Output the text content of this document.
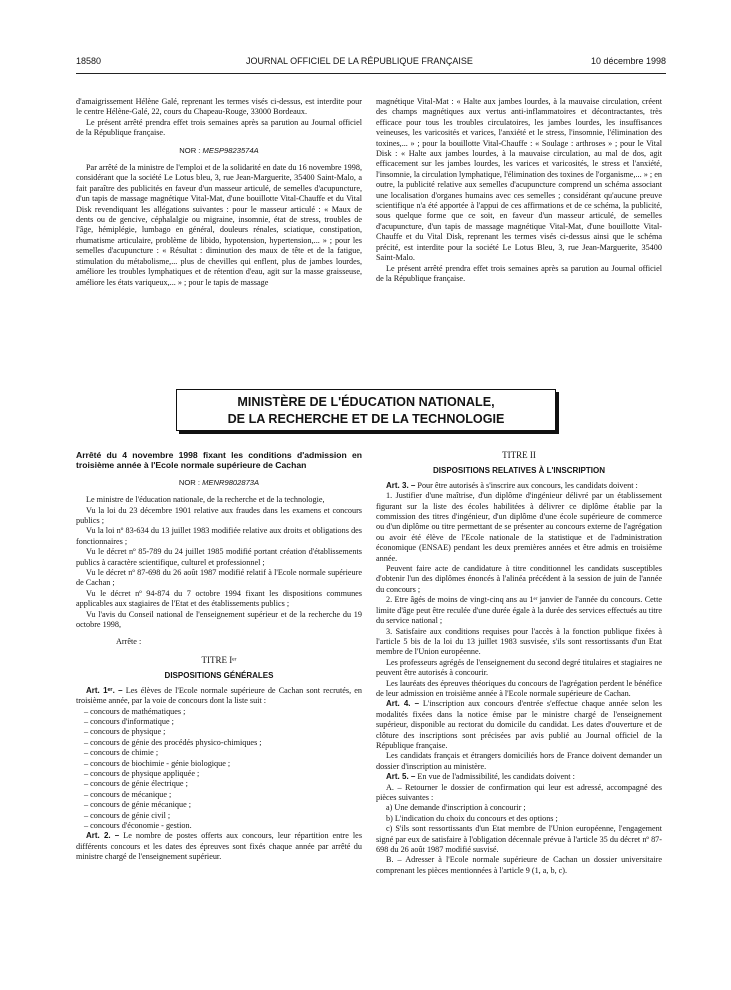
18580	JOURNAL OFFICIEL DE LA RÉPUBLIQUE FRANÇAISE	10 décembre 1998

d'amaigrissement Hélène Galé, reprenant les termes visés ci-dessus, est interdite pour le centre Hélène-Galé, 22, cours du Chapeau-Rouge, 33000 Bordeaux.

Le présent arrêté prendra effet trois semaines après sa parution au Journal officiel de la République française.

NOR : MESP9823574A

Par arrêté de la ministre de l'emploi et de la solidarité en date du 16 novembre 1998, considérant que la société Le Lotus bleu, 3, rue Jean-Marguerite, 35400 Saint-Malo, a fait paraître des publicités en faveur d'un masseur articulé, de semelles d'acupuncture, d'un tapis de massage magnétique Vital-Mat, d'une bouillotte Vital-Chauffe et du Vital Disk revendiquant les allégations suivantes : pour le masseur articulé : « Maux de dents ou de gencive, céphalalgie ou migraine, insomnie, état de stress, troubles de l'âge, hémiplégie, lumbago en général, douleurs rénales, sciatique, constipation, rhumatisme articulaire, problème de libido, hypotension, hypertension,... » ; pour les semelles d'acupuncture : « Résultat : diminution des maux de tête et de la fatigue, stimulation du métabolisme,... plus de chevilles qui enflent, plus de jambes lourdes, améliore les troubles lymphatiques et de rétention d'eau, agit sur la masse graisseuse, améliore les états variqueux,... » ; pour le tapis de massage

magnétique Vital-Mat : « Halte aux jambes lourdes, à la mauvaise circulation, créent des champs magnétiques aux vertus anti-inflammatoires et décontractantes, très efficace pour tous les troubles circulatoires, les jambes lourdes, les insuffisances veineuses, les varicosités et varices, l'anxiété et le stress, l'insomnie, l'élimination des toxines,... » ; pour la bouillotte Vital-Chauffe : « Soulage : arthroses » ; pour le Vital Disk : « Halte aux jambes lourdes, à la mauvaise circulation, au mal de dos, agit efficacement sur les jambes lourdes, les varices et varicosités, le stress et l'anxiété, l'insomnie, la circulation lymphatique, l'élimination des toxines de l'organisme,... » ; en outre, la publicité relative aux semelles d'acupuncture comprend un schéma associant une localisation d'organes humains avec ces semelles ; considérant qu'aucune preuve scientifique n'a été apportée à l'appui de ces affirmations et de ce schéma, la publicité, sous quelque forme que ce soit, en faveur d'un masseur articulé, de semelles d'acupuncture, d'un tapis de massage magnétique Vital-Mat, d'une bouillotte Vital-Chauffe et du Vital Disk, reprenant les termes visés ci-dessus ainsi que le schéma précité, est interdite pour la société Le Lotus Bleu, 3, rue Jean-Marguerite, 35400 Saint-Malo.

Le présent arrêté prendra effet trois semaines après sa parution au Journal officiel de la République française.

MINISTÈRE DE L'ÉDUCATION NATIONALE,
DE LA RECHERCHE ET DE LA TECHNOLOGIE

Arrêté du 4 novembre 1998 fixant les conditions d'admission en troisième année à l'Ecole normale supérieure de Cachan

NOR : MENR9802873A

Le ministre de l'éducation nationale, de la recherche et de la technologie,

Vu la loi du 23 décembre 1901 relative aux fraudes dans les examens et concours publics ;

Vu la loi nº 83-634 du 13 juillet 1983 modifiée relative aux droits et obligations des fonctionnaires ;

Vu le décret nº 85-789 du 24 juillet 1985 modifié portant création d'établissements publics à caractère scientifique, culturel et professionnel ;

Vu le décret nº 87-698 du 26 août 1987 modifié relatif à l'Ecole normale supérieure de Cachan ;

Vu le décret nº 94-874 du 7 octobre 1994 fixant les dispositions communes applicables aux stagiaires de l'Etat et des établissements publics ;

Vu l'avis du Conseil national de l'enseignement supérieur et de la recherche du 19 octobre 1998,

Arrête :

TITRE Iᵉʳ

DISPOSITIONS GÉNÉRALES

Art. 1ᵉʳ. – Les élèves de l'Ecole normale supérieure de Cachan sont recrutés, en troisième année, par la voie de concours dont la liste suit :

– concours de mathématiques ;
– concours d'informatique ;
– concours de physique ;
– concours de génie des procédés physico-chimiques ;
– concours de chimie ;
– concours de biochimie - génie biologique ;
– concours de physique appliquée ;
– concours de génie électrique ;
– concours de mécanique ;
– concours de génie mécanique ;
– concours de génie civil ;
– concours d'économie - gestion.

Art. 2. – Le nombre de postes offerts aux concours, leur répartition entre les différents concours et les dates des épreuves sont fixés chaque année par arrêté du ministre chargé de l'enseignement supérieur.

TITRE II

DISPOSITIONS RELATIVES À L'INSCRIPTION

Art. 3. – Pour être autorisés à s'inscrire aux concours, les candidats doivent :

1. Justifier d'une maîtrise, d'un diplôme d'ingénieur délivré par un établissement figurant sur la liste des écoles habilitées à délivrer ce diplôme établie par la commission des titres d'ingénieur, d'un diplôme d'une école supérieure de commerce ou d'un diplôme ou titre permettant de se présenter au concours externe de l'agrégation ou avoir été élève de l'Ecole nationale de la statistique et de l'administration économique (ENSAE) pendant les deux premières années et être admis en troisième année.

Peuvent faire acte de candidature à titre conditionnel les candidats susceptibles d'obtenir l'un des diplômes énoncés à l'alinéa précédent à la session de juin de l'année du concours ;

2. Etre âgés de moins de vingt-cinq ans au 1ᵉʳ janvier de l'année du concours. Cette limite d'âge peut être reculée d'une durée égale à la durée des services effectués au titre du service national ;

3. Satisfaire aux conditions requises pour l'accès à la fonction publique fixées à l'article 5 bis de la loi du 13 juillet 1983 susvisée, s'ils sont ressortissants d'un Etat membre de l'Union européenne.

Les professeurs agrégés de l'enseignement du second degré titulaires et stagiaires ne peuvent être autorisés à concourir.

Les lauréats des épreuves théoriques du concours de l'agrégation perdent le bénéfice de leur admission en troisième année à l'Ecole normale supérieure de Cachan.

Art. 4. – L'inscription aux concours d'entrée s'effectue chaque année selon les modalités fixées dans la notice émise par le ministre chargé de l'enseignement supérieur, disponible au rectorat du domicile du candidat. Les dates d'ouverture et de clôture des inscriptions sont précisées par avis publié au Journal officiel de la République française.

Les candidats français et étrangers domiciliés hors de France doivent demander un dossier d'inscription au ministère.

Art. 5. – En vue de l'admissibilité, les candidats doivent :

A. – Retourner le dossier de confirmation qui leur est adressé, accompagné des pièces suivantes :

a) Une demande d'inscription à concourir ;

b) L'indication du choix du concours et des options ;

c) S'ils sont ressortissants d'un Etat membre de l'Union européenne, l'engagement signé par eux de satisfaire à l'obligation décennale prévue à l'article 35 du décret nº 87-698 du 26 août 1987 modifié susvisé.

B. – Adresser à l'Ecole normale supérieure de Cachan un dossier universitaire comprenant les pièces mentionnées à l'article 9 (1, a, b, c).
